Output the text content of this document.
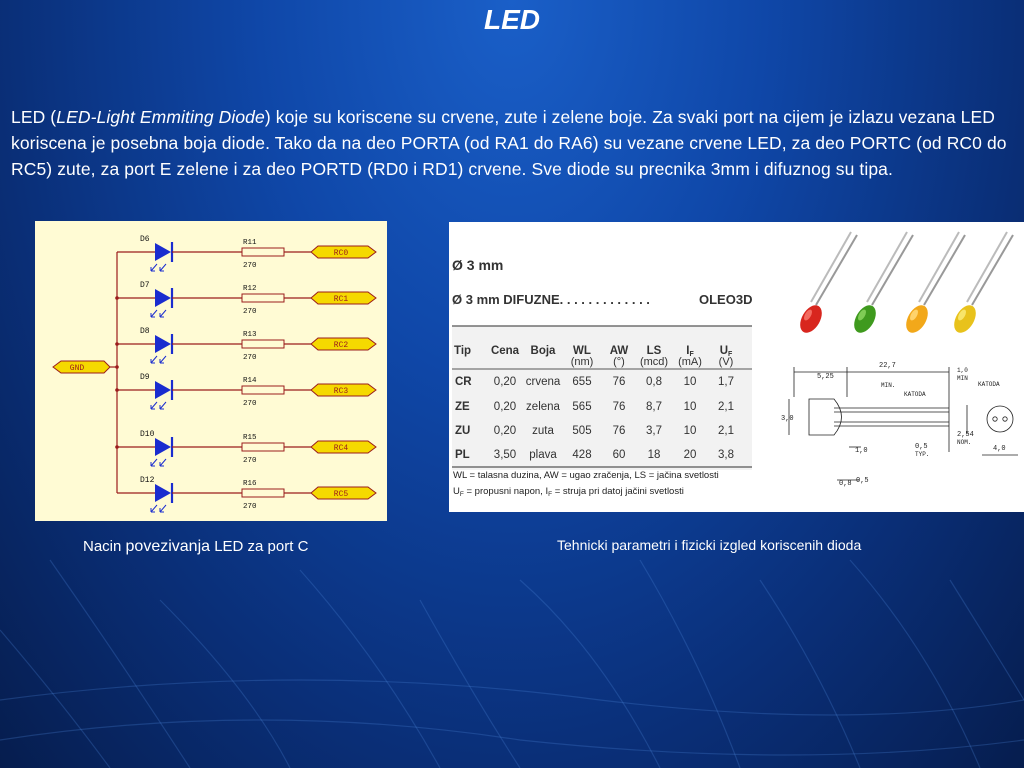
LED

LED (LED-Light Emmiting Diode) koje su koriscene su crvene, zute i zelene boje. Za svaki port na cijem je izlazu vezana LED koriscena je posebna boja diode. Tako da na deo PORTA (od RA1 do RA6) su vezane crvene LED, za deo PORTC (od RC0 do RC5) zute, za port E zelene i za deo PORTD (RD0 i RD1) crvene. Sve diode su precnika 3mm i difuznog su tipa.

GND
D6	R11
270
RC0
D7	R12
270
RC1
D8	R13
270
RC2
D9	R14
270
RC3
D10	R15
270
RC4
D12	R16
270
RC5
Ø 3 mm
Ø 3 mm DIFUZNE. . . . . . . . . . . . .	OLEO3D
Tip Cena Boja WL AW LS IF UF
(nm) (°) (mcd) (mA) (V)
CR 0,20 crvena 655 76 0,8 10 1,7
ZE 0,20 zelena 565 76 8,7 10 2,1
ZU 0,20 zuta 505 76 3,7 10 2,1
PL 3,50 plava 428 60 18 20 3,8
WL = talasna duzina, AW = ugao zračenja, LS = jačina svetlosti
$U_F$ = propusni napon, $I_F$ = struja pri datoj jačini svetlosti
5,25
22,7
MIN.
1,0
MIN
KATODA
KATODA
3,0
2,54
NOM.
4,0
1,0	0,5
TYP.
0,8 0,5
Nacin povezivanja LED za port C	Tehnicki parametri i fizicki izgled koriscenih dioda
